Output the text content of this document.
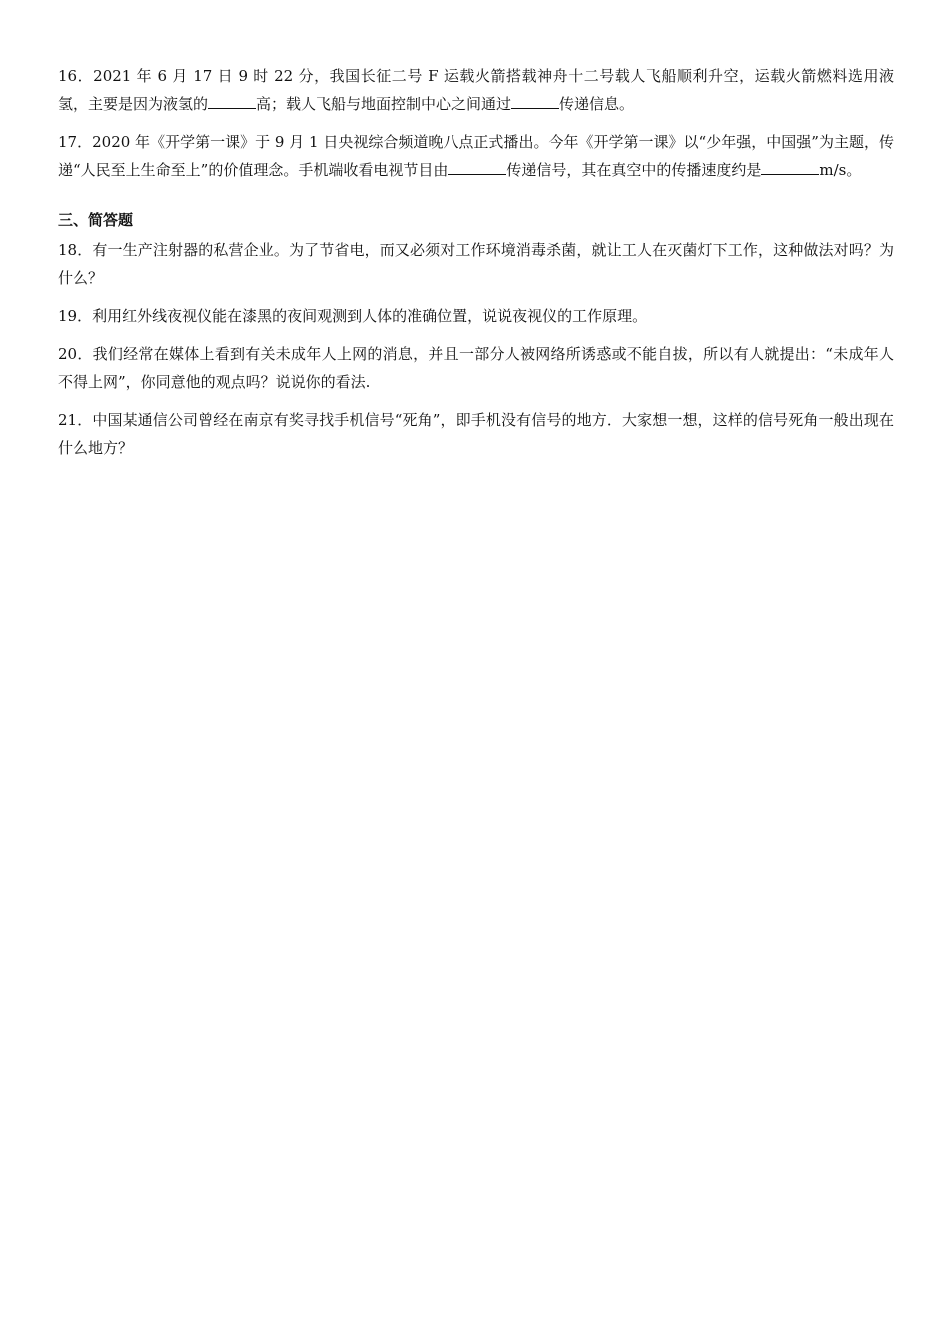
16．2021 年 6 月 17 日 9 时 22 分，我国长征二号 F 运载火箭搭载神舟十二号载人飞船顺利升空，运载火箭燃料选用液氢，主要是因为液氢的	高；载人飞船与地面控制中心之间通过	传递信息。

17．2020 年《开学第一课》于 9 月 1 日央视综合频道晚八点正式播出。今年《开学第一课》以“少年强，中国强”为主题，传递“人民至上生命至上”的价值理念。手机端收看电视节目由	传递信号，其在真空中的传播速度约是	m/s。

三、简答题

18．有一生产注射器的私营企业。为了节省电，而又必须对工作环境消毒杀菌，就让工人在灭菌灯下工作，这种做法对吗？为什么？

19．利用红外线夜视仪能在漆黑的夜间观测到人体的准确位置，说说夜视仪的工作原理。

20．我们经常在媒体上看到有关未成年人上网的消息，并且一部分人被网络所诱惑或不能自拔，所以有人就提出：“未成年人不得上网”，你同意他的观点吗？说说你的看法.

21．中国某通信公司曾经在南京有奖寻找手机信号“死角”，即手机没有信号的地方．大家想一想，这样的信号死角一般出现在什么地方？
